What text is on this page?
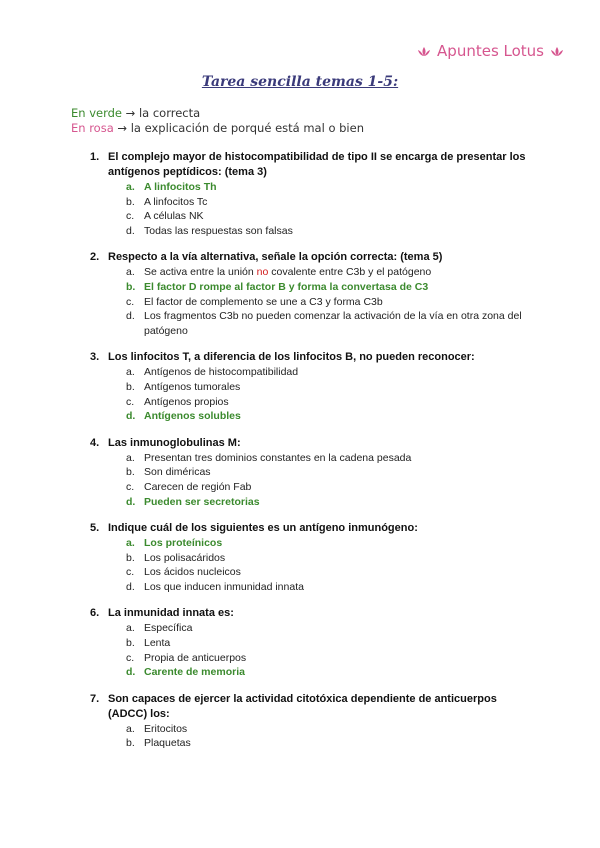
Apuntes Lotus
Tarea sencilla temas 1-5:
En verde → la correcta
En rosa → la explicación de porqué está mal o bien
1. El complejo mayor de histocompatibilidad de tipo II se encarga de presentar los antígenos peptídicos: (tema 3)
a. A linfocitos Th
b. A linfocitos Tc
c. A células NK
d. Todas las respuestas son falsas
2. Respecto a la vía alternativa, señale la opción correcta: (tema 5)
a. Se activa entre la unión no covalente entre C3b y el patógeno
b. El factor D rompe al factor B y forma la convertasa de C3
c. El factor de complemento se une a C3 y forma C3b
d. Los fragmentos C3b no pueden comenzar la activación de la vía en otra zona del patógeno
3. Los linfocitos T, a diferencia de los linfocitos B, no pueden reconocer:
a. Antígenos de histocompatibilidad
b. Antígenos tumorales
c. Antígenos propios
d. Antígenos solubles
4. Las inmunoglobulinas M:
a. Presentan tres dominios constantes en la cadena pesada
b. Son diméricas
c. Carecen de región Fab
d. Pueden ser secretorias
5. Indique cuál de los siguientes es un antígeno inmunógeno:
a. Los proteínicos
b. Los polisacáridos
c. Los ácidos nucleicos
d. Los que inducen inmunidad innata
6. La inmunidad innata es:
a. Específica
b. Lenta
c. Propia de anticuerpos
d. Carente de memoria
7. Son capaces de ejercer la actividad citotóxica dependiente de anticuerpos (ADCC) los:
a. Eritocitos
b. Plaquetas
